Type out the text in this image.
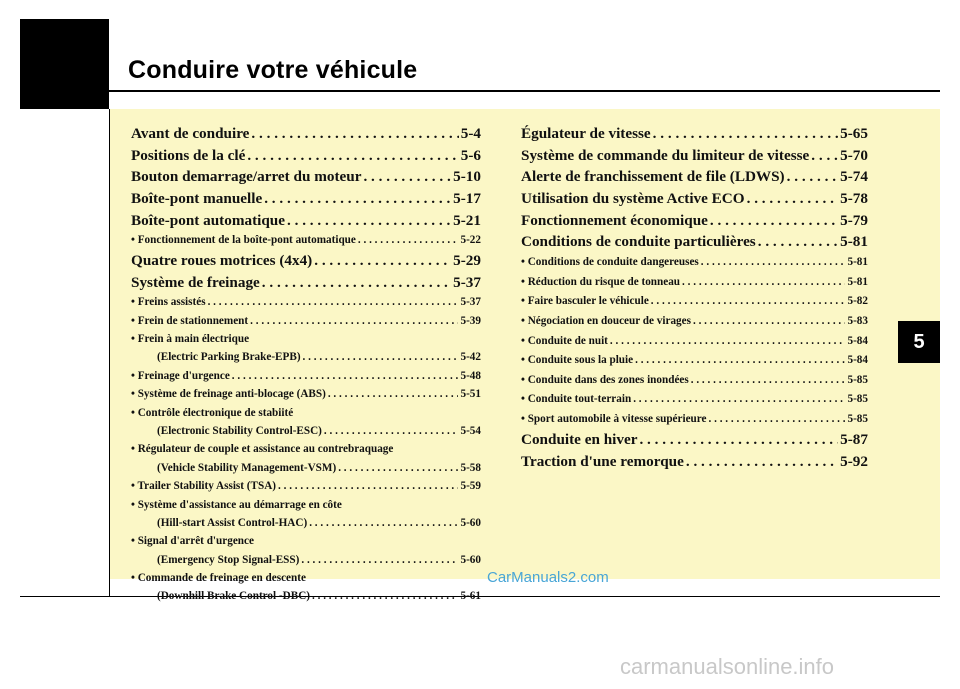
Conduire votre véhicule
5
Avant de conduire . . .	5-4
Positions de la clé . . .	5-6
Bouton demarrage/arret du moteur . . .	5-10
Boîte-pont manuelle . . .	5-17
Boîte-pont automatique . . .	5-21
• Fonctionnement de la boîte-pont automatique . . .	5-22
Quatre roues motrices (4x4) . . .	5-29
Système de freinage . . .	5-37
• Freins assistés . . .	5-37
• Frein de stationnement . . .	5-39
• Frein à main électrique
(Electric Parking Brake-EPB) . . .	5-42
• Freinage d'urgence . . .	5-48
• Système de freinage anti-blocage (ABS) . . .	5-51
• Contrôle électronique de stabiité
(Electronic Stability Control-ESC) . . .	5-54
• Régulateur de couple et assistance au contrebraquage
(Vehicle Stability Management-VSM) . . .	5-58
• Trailer Stability Assist (TSA) . . .	5-59
• Système d'assistance au démarrage en côte
(Hill-start Assist Control-HAC) . . .	5-60
• Signal d'arrêt d'urgence
(Emergency Stop Signal-ESS) . . .	5-60
• Commande de freinage en descente
(Downhill Brake Control -DBC) . . .	5-61
Égulateur de vitesse . . .	5-65
Système de commande du limiteur de vitesse . . . 5-70
Alerte de franchissement de file (LDWS) . . .	5-74
Utilisation du système Active ECO . . .	5-78
Fonctionnement économique . . .	5-79
Conditions de conduite particulières . . .	5-81
• Conditions de conduite dangereuses . . .	5-81
• Réduction du risque de tonneau . . .	5-81
• Faire basculer le véhicule . . .	5-82
• Négociation en douceur de virages . . .	5-83
• Conduite de nuit . . .	5-84
• Conduite sous la pluie . . .	5-84
• Conduite dans des zones inondées . . .	5-85
• Conduite tout-terrain . . .	5-85
• Sport automobile à vitesse supérieure . . .	5-85
Conduite en hiver . . .	5-87
Traction d'une remorque . . .	5-92
CarManuals2.com
carmanualsonline.info
